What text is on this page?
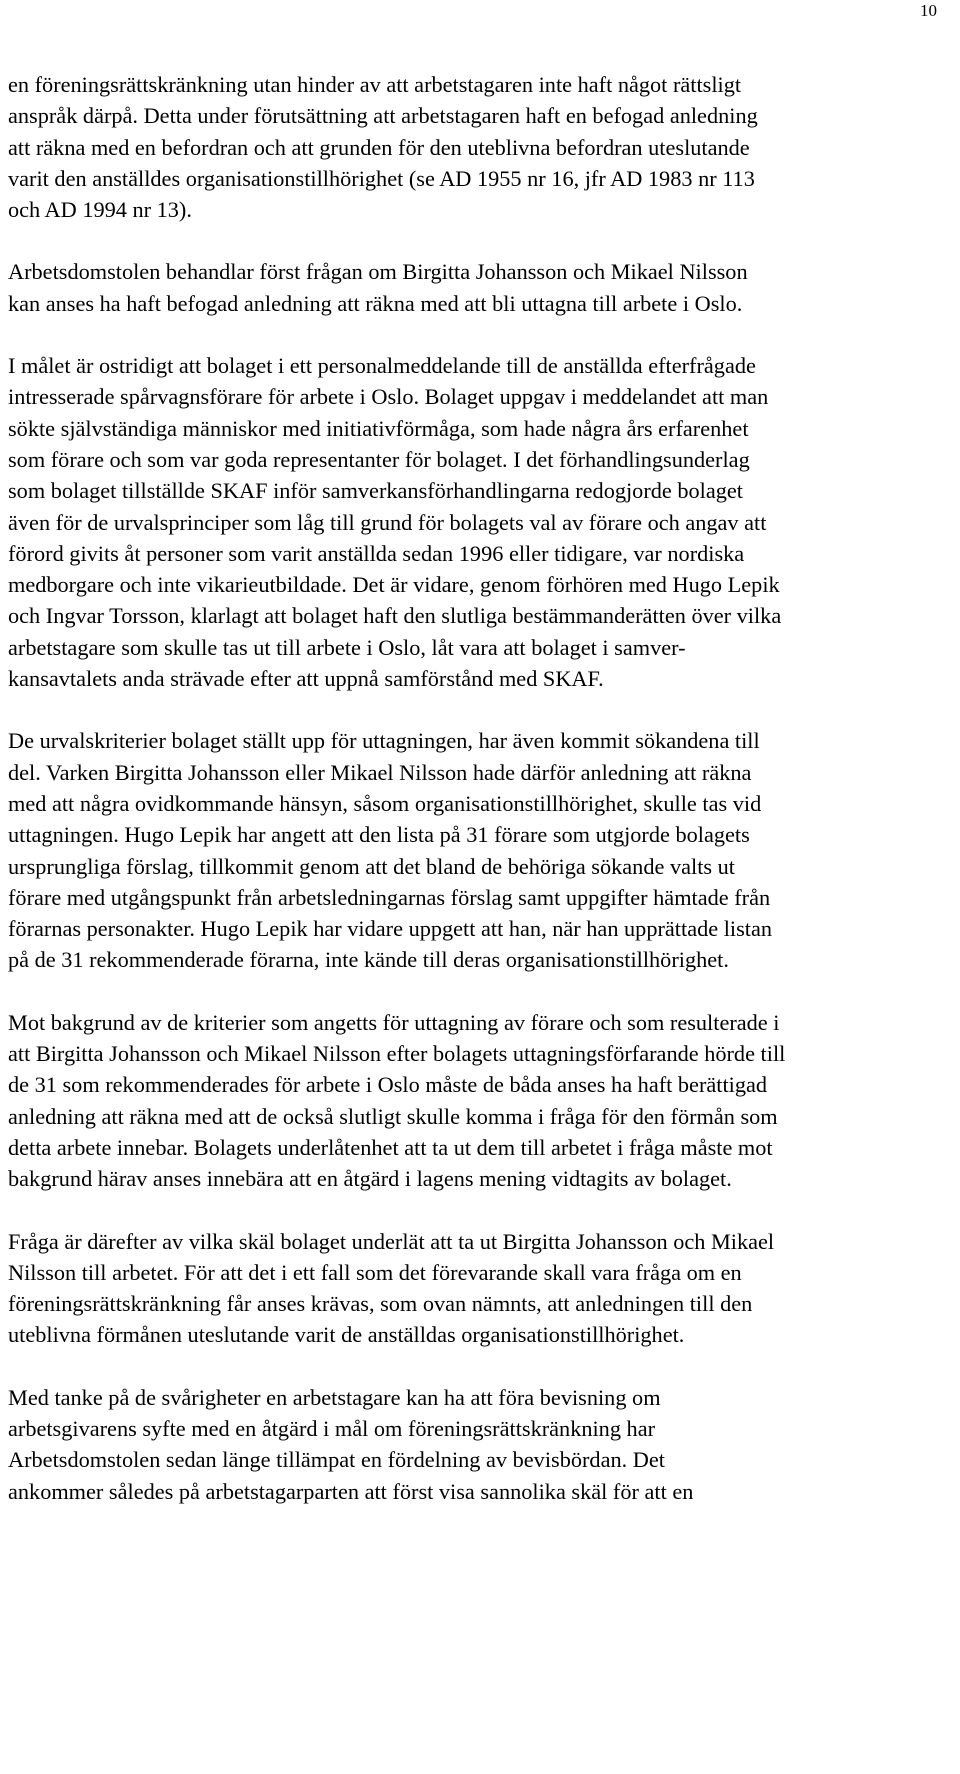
10
en föreningsrättskränkning utan hinder av att arbetstagaren inte haft något rättsligt
anspråk därpå. Detta under förutsättning att arbetstagaren haft en befogad anledning
att räkna med en befordran och att grunden för den uteblivna befordran uteslutande
varit den anställdes organisationstillhörighet (se AD 1955 nr 16, jfr AD 1983 nr 113
och AD 1994 nr 13).
Arbetsdomstolen behandlar först frågan om Birgitta Johansson och Mikael Nilsson
kan anses ha haft befogad anledning att räkna med att bli uttagna till arbete i Oslo.
I målet är ostridigt att bolaget i ett personalmeddelande till de anställda efterfrågade
intresserade spårvagnsförare för arbete i Oslo. Bolaget uppgav i meddelandet att man
sökte självständiga människor med initiativförmåga, som hade några års erfarenhet
som förare och som var goda representanter för bolaget. I det förhandlingsunderlag
som bolaget tillställde SKAF inför samverkansförhandlingarna redogjorde bolaget
även för de urvalsprinciper som låg till grund för bolagets val av förare och angav att
förord givits åt personer som varit anställda sedan 1996 eller tidigare, var nordiska
medborgare och inte vikarieutbildade. Det är vidare, genom förhören med Hugo Lepik
och Ingvar Torsson, klarlagt att bolaget haft den slutliga bestämmanderätten över vilka
arbetstagare som skulle tas ut till arbete i Oslo, låt vara att bolaget i samver-
kansavtalets anda strävade efter att uppnå samförstånd med SKAF.
De urvalskriterier bolaget ställt upp för uttagningen, har även kommit sökandena till
del. Varken Birgitta Johansson eller Mikael Nilsson hade därför anledning att räkna
med att några ovidkommande hänsyn, såsom organisationstillhörighet, skulle tas vid
uttagningen. Hugo Lepik har angett att den lista på 31 förare som utgjorde bolagets
ursprungliga förslag, tillkommit genom att det bland de behöriga sökande valts ut
förare med utgångspunkt från arbetsledningarnas förslag samt uppgifter hämtade från
förarnas personakter. Hugo Lepik har vidare uppgett att han, när han upprättade listan
på de 31 rekommenderade förarna, inte kände till deras organisationstillhörighet.
Mot bakgrund av de kriterier som angetts för uttagning av förare och som resulterade i
att Birgitta Johansson och Mikael Nilsson efter bolagets uttagningsförfarande hörde till
de 31 som rekommenderades för arbete i Oslo måste de båda anses ha haft berättigad
anledning att räkna med att de också slutligt skulle komma i fråga för den förmån som
detta arbete innebar. Bolagets underlåtenhet att ta ut dem till arbetet i fråga måste mot
bakgrund härav anses innebära att en åtgärd i lagens mening vidtagits av bolaget.
Fråga är därefter av vilka skäl bolaget underlät att ta ut Birgitta Johansson och Mikael
Nilsson till arbetet. För att det i ett fall som det förevarande skall vara fråga om en
föreningsrättskränkning får anses krävas, som ovan nämnts, att anledningen till den
uteblivna förmånen uteslutande varit de anställdas organisationstillhörighet.
Med tanke på de svårigheter en arbetstagare kan ha att föra bevisning om
arbetsgivarens syfte med en åtgärd i mål om föreningsrättskränkning har
Arbetsdomstolen sedan länge tillämpat en fördelning av bevisbördan. Det
ankommer således på arbetstagarparten att först visa sannolika skäl för att en
